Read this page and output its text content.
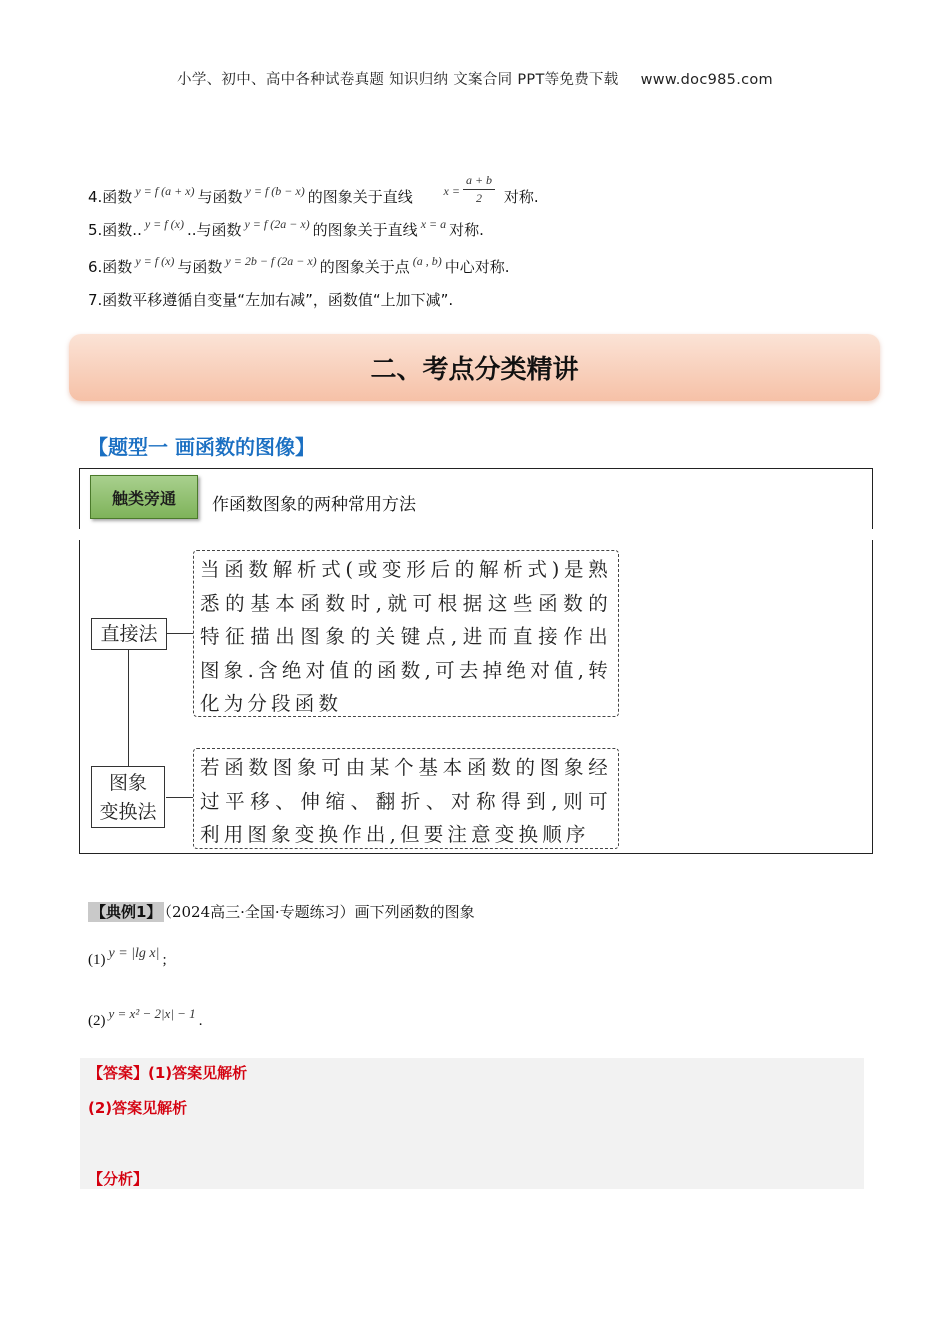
小学、初中、高中各种试卷真题 知识归纳 文案合同 PPT等免费下载 www.doc985.com
4.函数 $^{y = f (a + x)}$ 与函数 $^{y = f (b - x)}$ 的图象关于直线	$^{x =} \frac{a + b}{2}$ 对称.
5.函数.. $^{y = f (x)}$ ..与函数 $^{y = f (2a - x)}$ 的图象关于直线 $^{x = a}$ 对称.
6.函数 $^{y = f (x)}$ 与函数 $^{y = 2b - f (2a - x)}$ 的图象关于点 $^{(a , b)}$ 中心对称.
7.函数平移遵循自变量“左加右减”，函数值“上加下减”.
二、考点分类精讲
【题型一 画函数的图像】
触类旁通 作函数图象的两种常用方法
直接法
当函数解析式(或变形后的解析式)是熟悉的基本函数时,就可根据这些函数的特征描出图象的关键点,进而直接作出图象.含绝对值的函数,可去掉绝对值,转化为分段函数
图象
变换法
若函数图象可由某个基本函数的图象经过平移、伸缩、翻折、对称得到,则可利用图象变换作出,但要注意变换顺序
【典例1】 （2024高三·全国·专题练习）画下列函数的图象
(1) y = |lg x| ;
(2) y = x² − 2|x| − 1 .
【答案】(1)答案见解析
(2)答案见解析
【分析】
